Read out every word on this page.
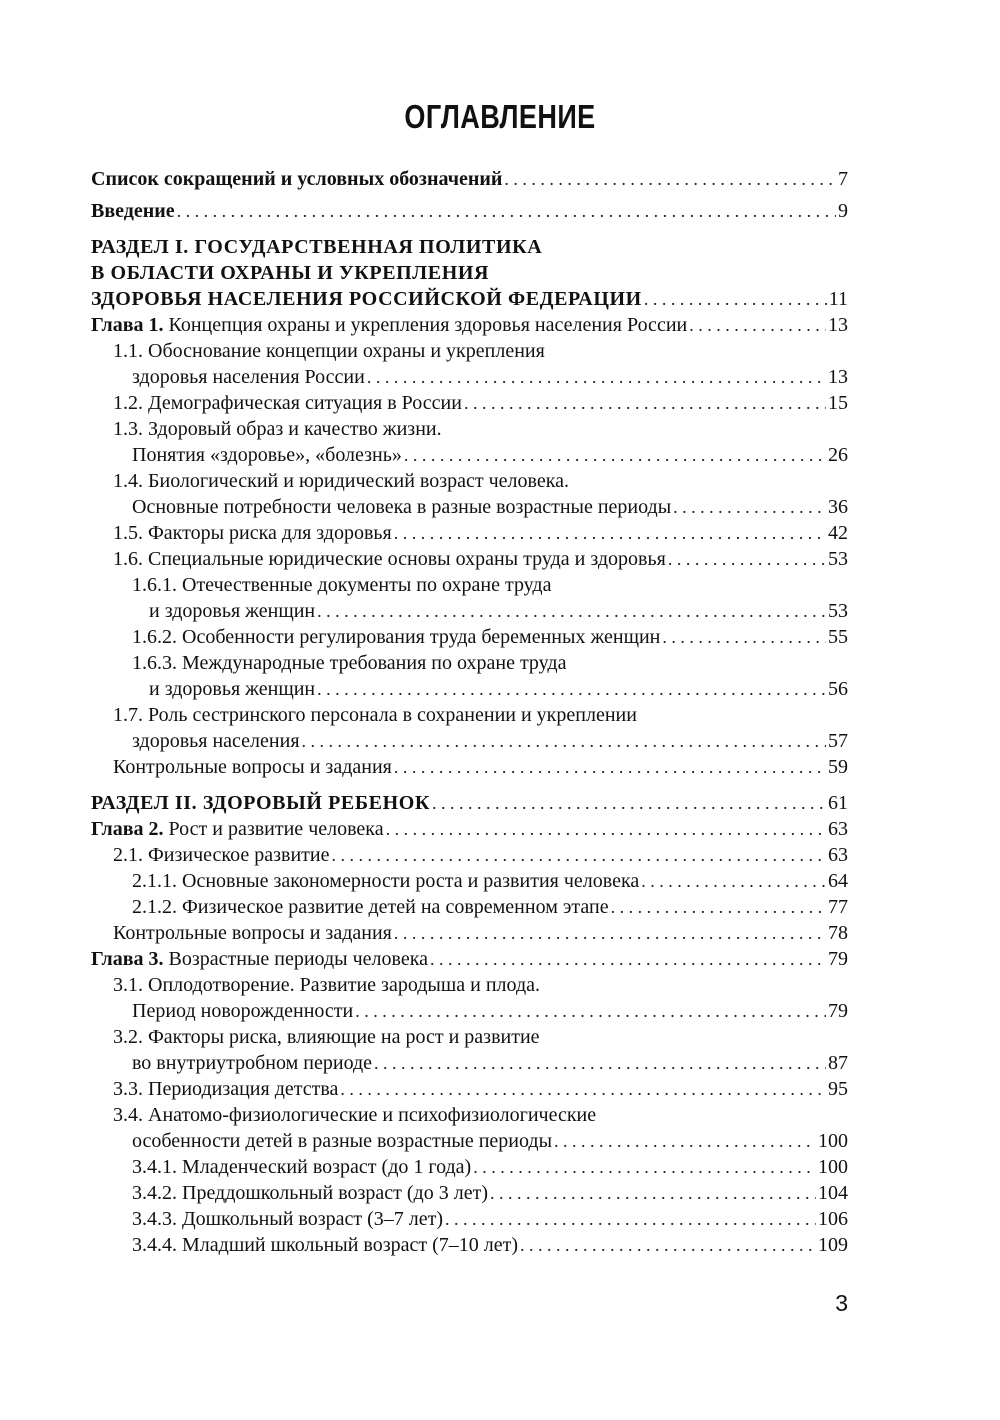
ОГЛАВЛЕНИЕ
Список сокращений и условных обозначений . . .	7
Введение . . .	9
РАЗДЕЛ I. ГОСУДАРСТВЕННАЯ ПОЛИТИКА
В ОБЛАСТИ ОХРАНЫ И УКРЕПЛЕНИЯ
ЗДОРОВЬЯ НАСЕЛЕНИЯ РОССИЙСКОЙ ФЕДЕРАЦИИ . . .	11
Глава 1. Концепция охраны и укрепления здоровья населения России . . .	13
1.1. Обоснование концепции охраны и укрепления
здоровья населения России . . .	13
1.2. Демографическая ситуация в России . . .	15
1.3. Здоровый образ и качество жизни.
Понятия «здоровье», «болезнь» . . .	26
1.4. Биологический и юридический возраст человека.
Основные потребности человека в разные возрастные периоды . . .	36
1.5. Факторы риска для здоровья . . .	42
1.6. Специальные юридические основы охраны труда и здоровья . . .	53
1.6.1. Отечественные документы по охране труда
и здоровья женщин . . .	53
1.6.2. Особенности регулирования труда беременных женщин . . .	55
1.6.3. Международные требования по охране труда
и здоровья женщин . . .	56
1.7. Роль сестринского персонала в сохранении и укреплении
здоровья населения . . .	57
Контрольные вопросы и задания . . .	59
РАЗДЕЛ II. ЗДОРОВЫЙ РЕБЕНОК . . .	61
Глава 2. Рост и развитие человека . . .	63
2.1. Физическое развитие . . .	63
2.1.1. Основные закономерности роста и развития человека . . .	64
2.1.2. Физическое развитие детей на современном этапе . . .	77
Контрольные вопросы и задания . . .	78
Глава 3. Возрастные периоды человека . . .	79
3.1. Оплодотворение. Развитие зародыша и плода.
Период новорожденности . . .	79
3.2. Факторы риска, влияющие на рост и развитие
во внутриутробном периоде . . .	87
3.3. Периодизация детства . . .	95
3.4. Анатомо-физиологические и психофизиологические
особенности детей в разные возрастные периоды . . .	100
3.4.1. Младенческий возраст (до 1 года) . . .	100
3.4.2. Преддошкольный возраст (до 3 лет) . . .	104
3.4.3. Дошкольный возраст (3–7 лет) . . .	106
3.4.4. Младший школьный возраст (7–10 лет) . . .	109
3
